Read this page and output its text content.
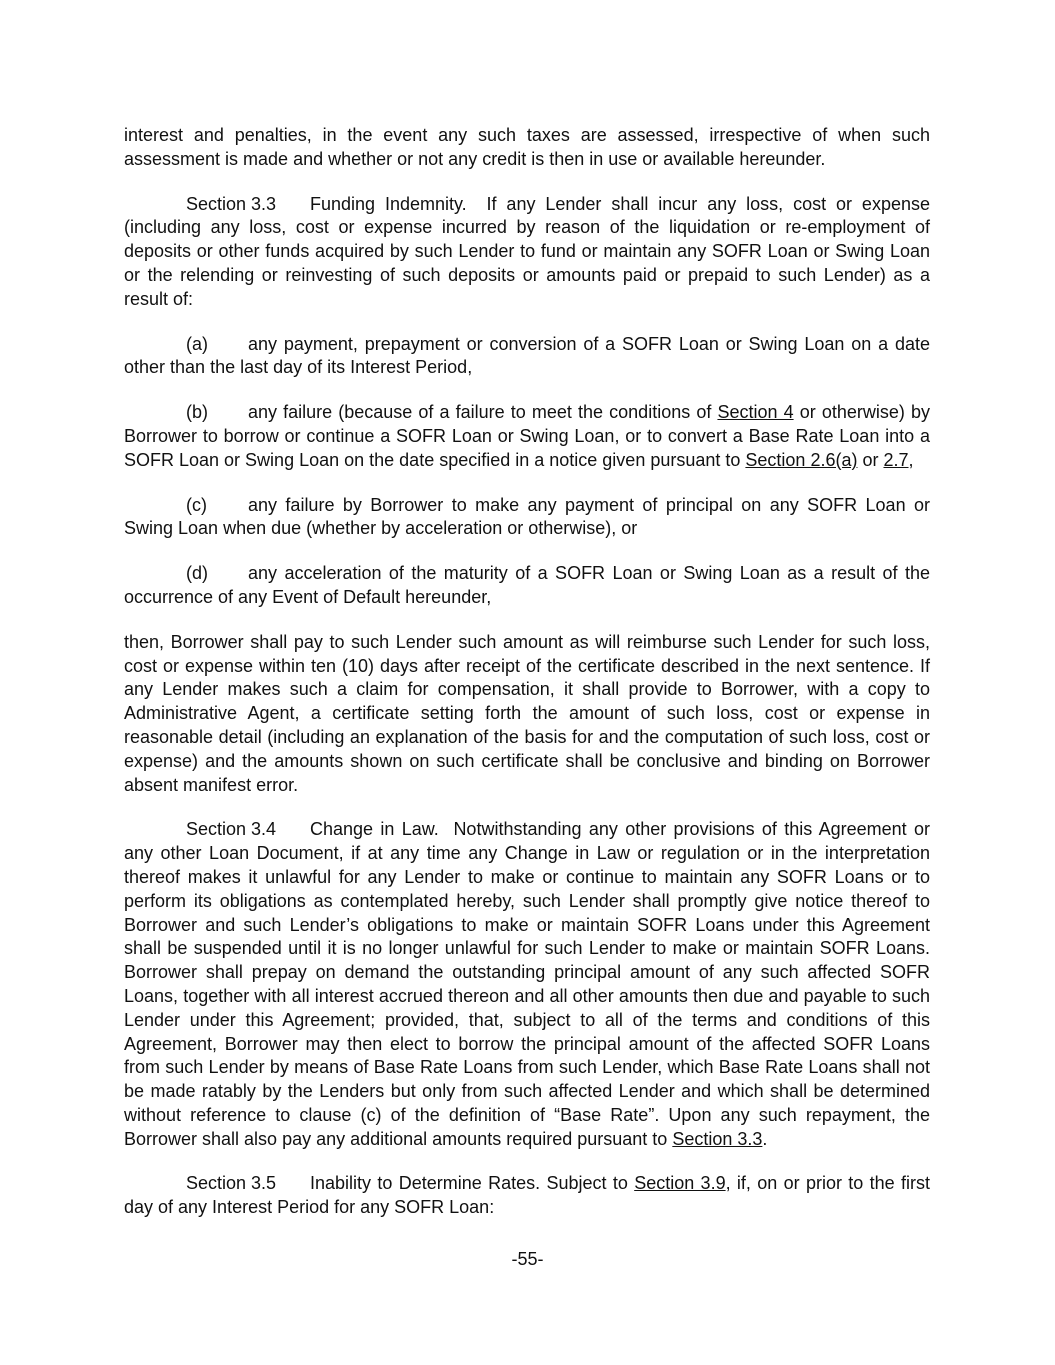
interest and penalties, in the event any such taxes are assessed, irrespective of when such assessment is made and whether or not any credit is then in use or available hereunder.

Section 3.3 Funding Indemnity. If any Lender shall incur any loss, cost or expense (including any loss, cost or expense incurred by reason of the liquidation or re-employment of deposits or other funds acquired by such Lender to fund or maintain any SOFR Loan or Swing Loan or the relending or reinvesting of such deposits or amounts paid or prepaid to such Lender) as a result of:

(a) any payment, prepayment or conversion of a SOFR Loan or Swing Loan on a date other than the last day of its Interest Period,

(b) any failure (because of a failure to meet the conditions of Section 4 or otherwise) by Borrower to borrow or continue a SOFR Loan or Swing Loan, or to convert a Base Rate Loan into a SOFR Loan or Swing Loan on the date specified in a notice given pursuant to Section 2.6(a) or 2.7,

(c) any failure by Borrower to make any payment of principal on any SOFR Loan or Swing Loan when due (whether by acceleration or otherwise), or

(d) any acceleration of the maturity of a SOFR Loan or Swing Loan as a result of the occurrence of any Event of Default hereunder,

then, Borrower shall pay to such Lender such amount as will reimburse such Lender for such loss, cost or expense within ten (10) days after receipt of the certificate described in the next sentence. If any Lender makes such a claim for compensation, it shall provide to Borrower, with a copy to Administrative Agent, a certificate setting forth the amount of such loss, cost or expense in reasonable detail (including an explanation of the basis for and the computation of such loss, cost or expense) and the amounts shown on such certificate shall be conclusive and binding on Borrower absent manifest error.

Section 3.4 Change in Law. Notwithstanding any other provisions of this Agreement or any other Loan Document, if at any time any Change in Law or regulation or in the interpretation thereof makes it unlawful for any Lender to make or continue to maintain any SOFR Loans or to perform its obligations as contemplated hereby, such Lender shall promptly give notice thereof to Borrower and such Lender’s obligations to make or maintain SOFR Loans under this Agreement shall be suspended until it is no longer unlawful for such Lender to make or maintain SOFR Loans. Borrower shall prepay on demand the outstanding principal amount of any such affected SOFR Loans, together with all interest accrued thereon and all other amounts then due and payable to such Lender under this Agreement; provided, that, subject to all of the terms and conditions of this Agreement, Borrower may then elect to borrow the principal amount of the affected SOFR Loans from such Lender by means of Base Rate Loans from such Lender, which Base Rate Loans shall not be made ratably by the Lenders but only from such affected Lender and which shall be determined without reference to clause (c) of the definition of “Base Rate”. Upon any such repayment, the Borrower shall also pay any additional amounts required pursuant to Section 3.3.

Section 3.5 Inability to Determine Rates. Subject to Section 3.9, if, on or prior to the first day of any Interest Period for any SOFR Loan:

-55-
